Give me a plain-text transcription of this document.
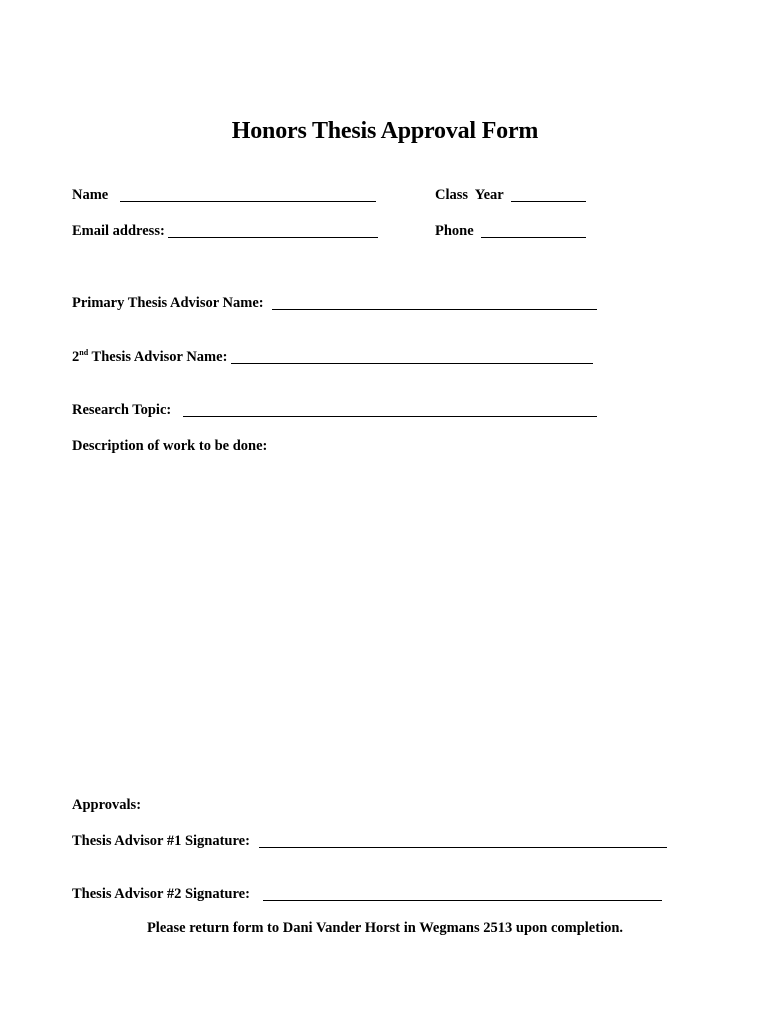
Honors Thesis Approval Form
Name	Class  Year
Email address:	Phone
Primary Thesis Advisor Name:
2nd Thesis Advisor Name:
Research Topic:
Description of work to be done:
Approvals:
Thesis Advisor #1 Signature:
Thesis Advisor #2 Signature:
Please return form to Dani Vander Horst in Wegmans 2513 upon completion.
